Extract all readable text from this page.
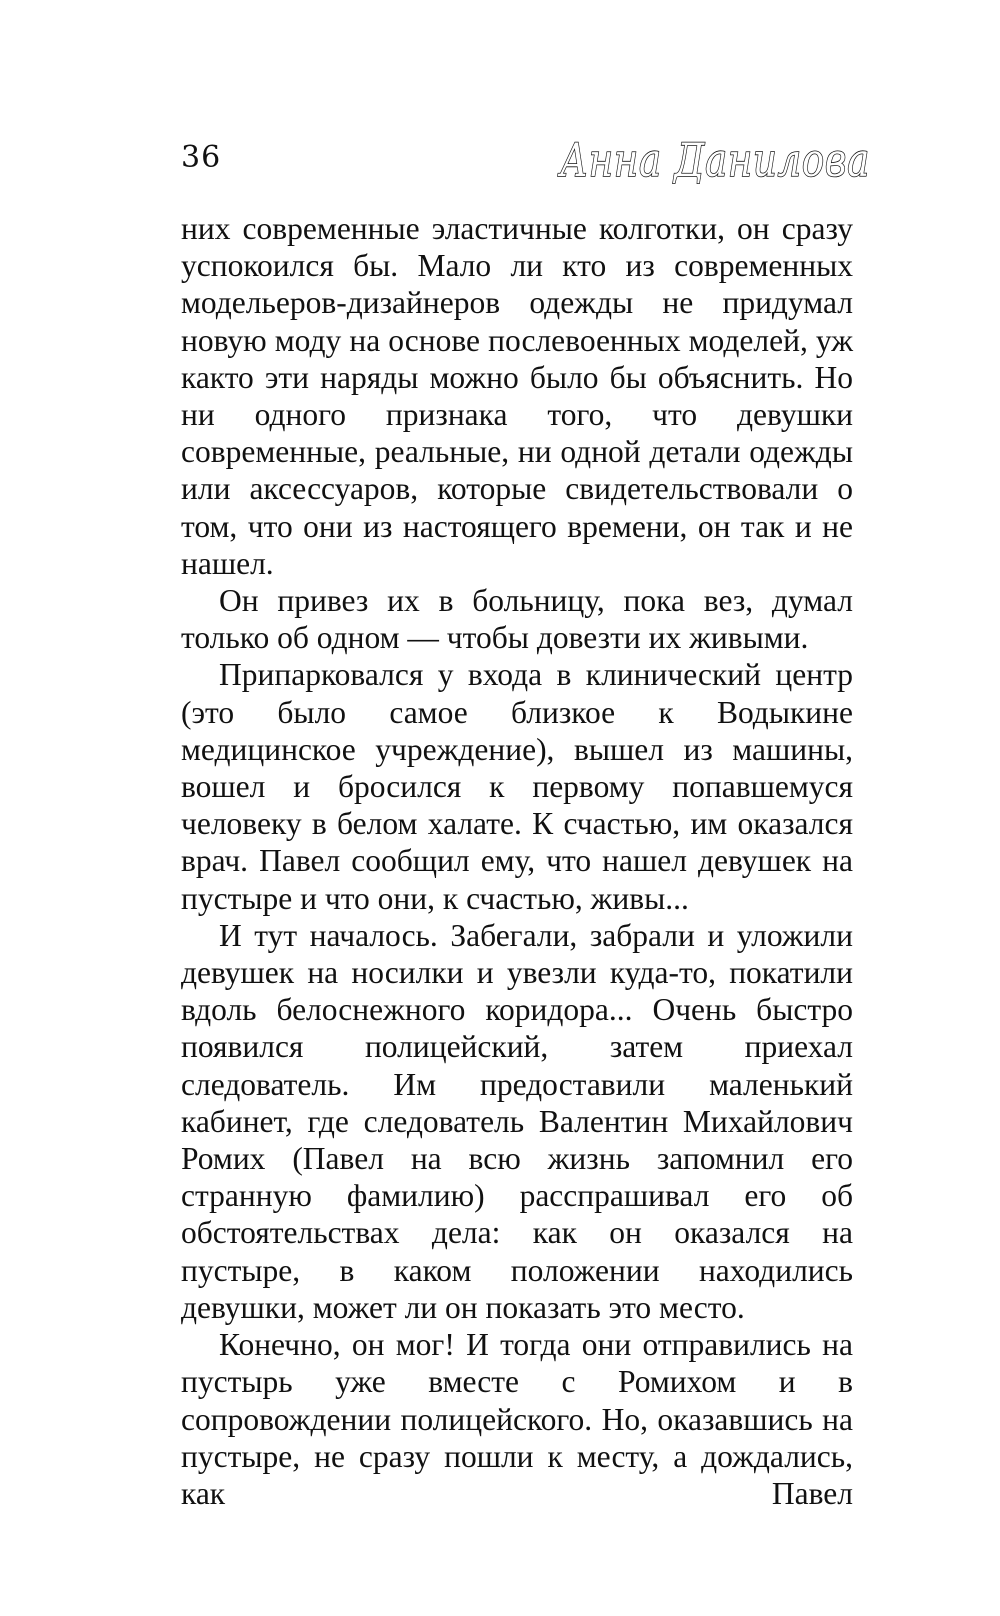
36	Анна Данилова

них современные эластичные колготки, он сразу успокоился бы. Мало ли кто из современных модельеров-дизайнеров одежды не придумал новую моду на основе послевоенных моделей, уж както эти наряды можно было бы объяснить. Но ни одного признака того, что девушки современные, реальные, ни одной детали одежды или аксессуаров, которые свидетельствовали о том, что они из настоящего времени, он так и не нашел.

Он привез их в больницу, пока вез, думал только об одном — чтобы довезти их живыми.

Припарковался у входа в клинический центр (это было самое близкое к Водыкине медицинское учреждение), вышел из машины, вошел и бросился к первому попавшемуся человеку в белом халате. К счастью, им оказался врач. Павел сообщил ему, что нашел девушек на пустыре и что они, к счастью, живы...

И тут началось. Забегали, забрали и уложили девушек на носилки и увезли куда-то, покатили вдоль белоснежного коридора... Очень быстро появился полицейский, затем приехал следователь. Им предоставили маленький кабинет, где следователь Валентин Михайлович Ромих (Павел на всю жизнь запомнил его странную фамилию) расспрашивал его об обстоятельствах дела: как он оказался на пустыре, в каком положении находились девушки, может ли он показать это место.

Конечно, он мог! И тогда они отправились на пустырь уже вместе с Ромихом и в сопровождении полицейского. Но, оказавшись на пустыре, не сразу пошли к месту, а дождались, как Павел
